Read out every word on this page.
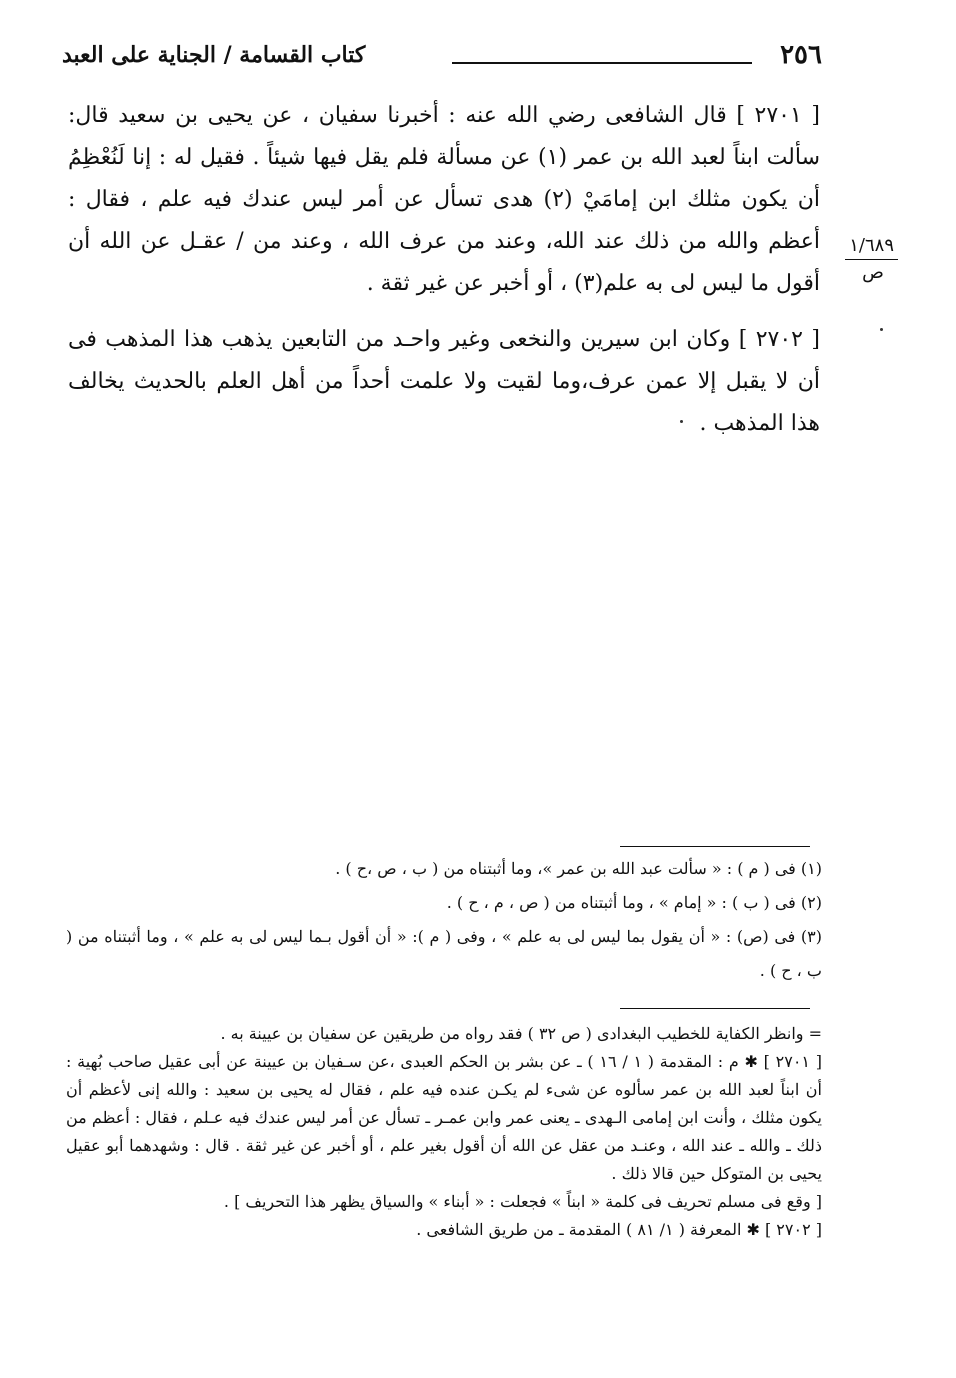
كتاب القسامة / الجناية على العبد	٢٥٦
١/٦٨٩
ص

[ ٢٧٠١ ] قال الشافعى رضي الله عنه : أخبرنا سفيان ، عن يحيى بن سعيد قال: سألت ابناً لعبد الله بن عمر (١) عن مسألة فلم يقل فيها شيئاً . فقيل له : إنا لَنُعْظِمُ أن يكون مثلك ابن إمامَيْ (٢) هدى تسأل عن أمر ليس عندك فيه علم ، فقال : أعظم والله من ذلك عند الله، وعند من عرف الله ، وعند من / عقـل عن الله أن أقول ما ليس لى به علم(٣) ، أو أخبر عن غير ثقة .

[ ٢٧٠٢ ] وكان ابن سيرين والنخعى وغير واحـد من التابعين يذهب هذا المذهب فى أن لا يقبل إلا عمن عرف،وما لقيت ولا علمت أحداً من أهل العلم بالحديث يخالف هذا المذهب .

(١) فى ( م ) : « سألت عبد الله بن عمر »، وما أثبتناه من ( ب ، ص ،ح ) .

(٢) فى ( ب ) : « إمام » ، وما أثبتناه من ( ص ، م ، ح ) .

(٣) فى (ص) : « أن يقول بما ليس لى به علم » ، وفى ( م ): « أن أقول بـما ليس لى به علم » ، وما أثبتناه من ( ب ، ح ) .

= وانظر الكفاية للخطيب البغدادى ( ص ٣٢ ) فقد رواه من طريقين عن سفيان بن عيينة به .

[ ٢٧٠١ ] ✱ م : المقدمة ( ١ / ١٦ ) ـ عن بشر بن الحكم العبدى ،عن سـفيان بن عيينة عن أبى عقيل صاحب بُهية : أن ابناً لعبد الله بن عمر سألوه عن شىء لم يكـن عنده فيه علم ، فقال له يحيى بن سعيد : والله إنى لأعظم أن يكون مثلك ، وأنت ابن إمامى الـهدى ـ يعنى عمر وابن عمـر ـ تسأل عن أمر ليس عندك فيه عـلم ، فقال : أعظم من ذلك ـ والله ـ عند الله ، وعنـد من عقل عن الله أن أقول بغير علم ، أو أخبر عن غير ثقة . قال : وشهدهما أبو عقيل يحيى بن المتوكل حين قالا ذلك .

[ وقع فى مسلم تحريف فى كلمة « ابناً » فجعلت : « أبناء » والسياق يظهر هذا التحريف ] .

[ ٢٧٠٢ ] ✱ المعرفة ( ١/ ٨١ ) المقدمة ـ من طريق الشافعى .
